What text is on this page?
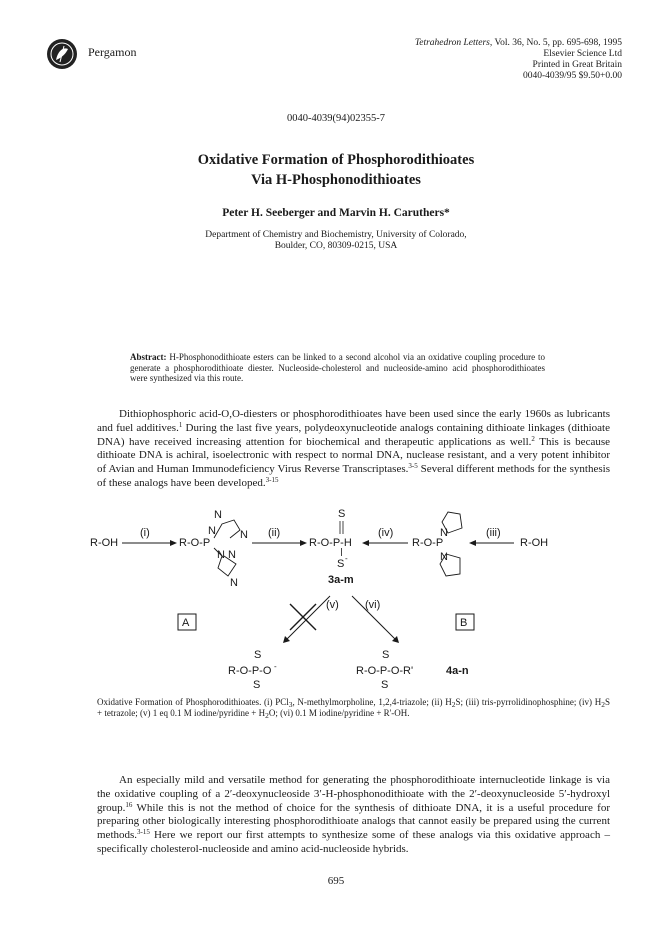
Pergamon
Tetrahedron Letters, Vol. 36, No. 5, pp. 695-698, 1995
Elsevier Science Ltd
Printed in Great Britain
0040-4039/95 $9.50+0.00
0040-4039(94)02355-7
Oxidative Formation of Phosphorodithioates
Via H-Phosphonodithioates
Peter H. Seeberger and Marvin H. Caruthers*
Department of Chemistry and Biochemistry, University of Colorado,
Boulder, CO, 80309-0215, USA
Abstract: H-Phosphonodithioate esters can be linked to a second alcohol via an oxidative coupling procedure to generate a phosphorodithioate diester. Nucleoside-cholesterol and nucleoside-amino acid phosphorodithioates were synthesized via this route.
Dithiophosphoric acid-O,O-diesters or phosphorodithioates have been used since the early 1960s as lubricants and fuel additives.$^1$ During the last five years, polydeoxynucleotide analogs containing dithioate linkages (dithioate DNA) have received increasing attention for biochemical and therapeutic applications as well.$^2$ This is because dithioate DNA is achiral, isoelectronic with respect to normal DNA, nuclease resistant, and a very potent inhibitor of Avian and Human Immunodeficiency Virus Reverse Transcriptases.$^{3-5}$ Several different methods for the synthesis of these analogs have been developed.$^{3-15}$
R-OH
(i)
R-O-P
N
N N
N N
N
(ii)
R-O-P-H
S
S -
3a-m
(iv)
R-O-P
N
N
(iii)
R-OH
A	B
(v) (vi)
S
R-O-P-O -
S
S
R-O-P-O-R'
S
4a-n
Oxidative Formation of Phosphorodithioates. (i) PCl$_3$, N-methylmorpholine, 1,2,4-triazole; (ii) $H_2S$; (iii) tris-pyrrolidinophosphine; (iv) $H_2S$ + tetrazole; (v) 1 eq 0.1 M iodine/pyridine + $H_2O$; (vi) 0.1 M iodine/pyridine + R'-OH.
An especially mild and versatile method for generating the phosphorodithioate internucleotide linkage is via the oxidative coupling of a 2′-deoxynucleoside 3′-H-phosphonodithioate with the 2′-deoxynucleoside 5′-hydroxyl group.$^{16}$ While this is not the method of choice for the synthesis of dithioate DNA, it is a useful procedure for preparing other biologically interesting phosphorodithioate analogs that cannot easily be prepared using the current methods.$^{3-15}$ Here we report our first attempts to synthesize some of these analogs via this oxidative approach – specifically cholesterol-nucleoside and amino acid-nucleoside hybrids.
695
